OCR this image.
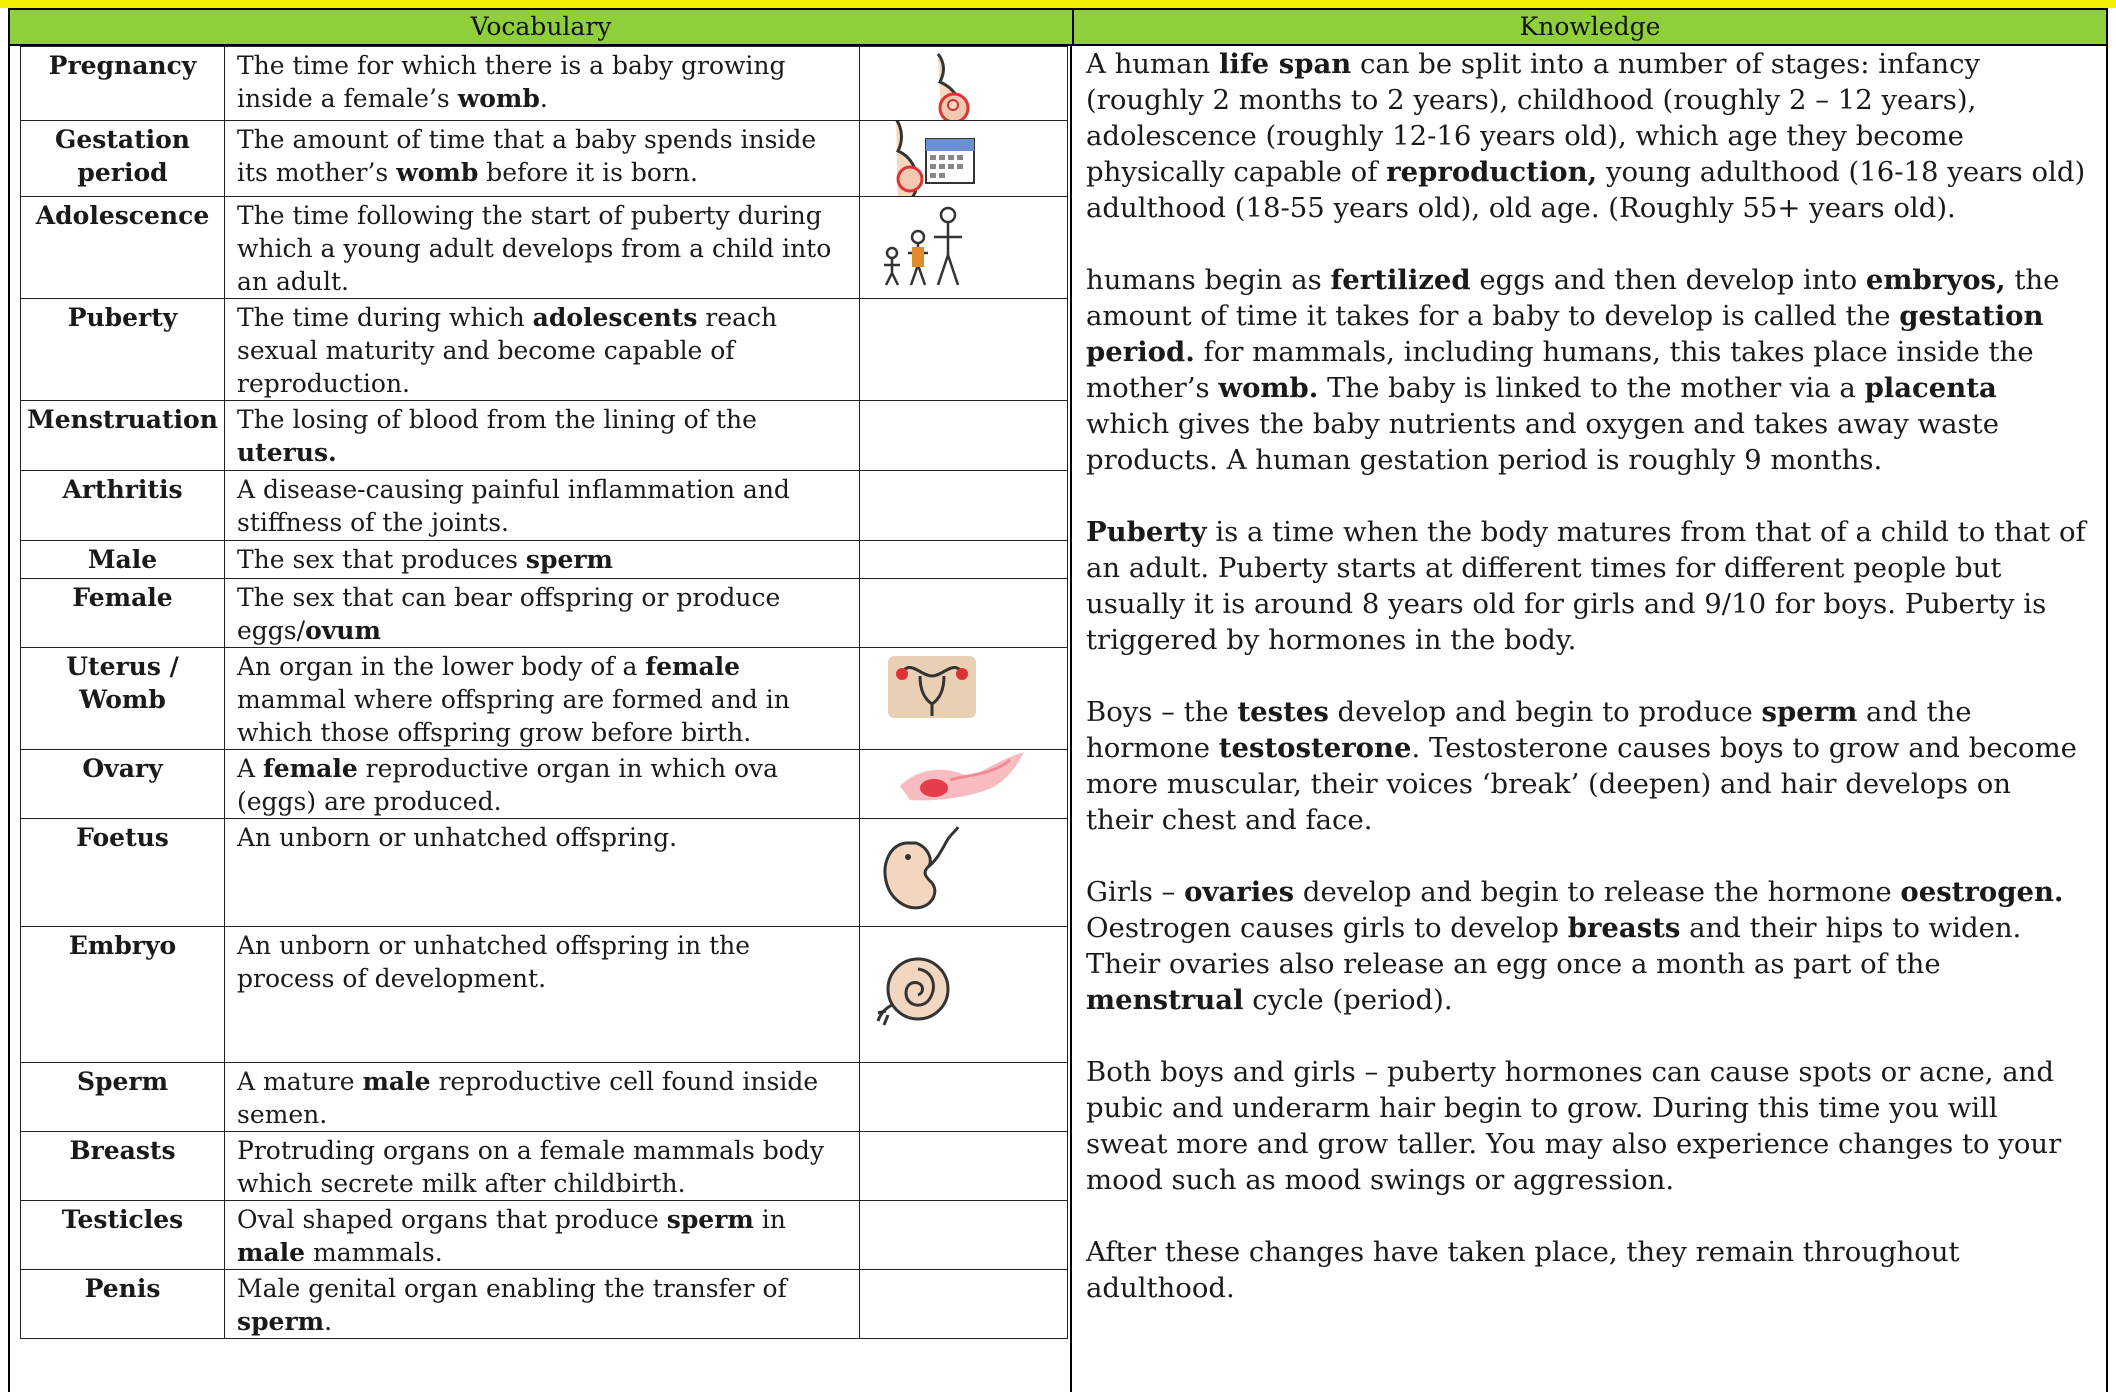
Vocabulary	Knowledge
Pregnancy	The time for which there is a baby growing inside a female’s womb.	

Gestation period	The amount of time that a baby spends inside its mother’s womb before it is born.	

Adolescence	The time following the start of puberty during which a young adult develops from a child into an adult.	

Puberty	The time during which adolescents reach sexual maturity and become capable of reproduction.	
Menstruation	The losing of blood from the lining of the uterus.	
Arthritis	A disease-causing painful inflammation and stiffness of the joints.	
Male	The sex that produces sperm	
Female	The sex that can bear offspring or produce eggs/ovum	
Uterus / Womb	An organ in the lower body of a female mammal where offspring are formed and in which those offspring grow before birth.	

Ovary	A female reproductive organ in which ova (eggs) are produced.	

Foetus	An unborn or unhatched offspring.	

Embryo	An unborn or unhatched offspring in the process of development.	

Sperm	A mature male reproductive cell found inside semen.	
Breasts	Protruding organs on a female mammals body which secrete milk after childbirth.	
Testicles	Oval shaped organs that produce sperm in male mammals.	
Penis	Male genital organ enabling the transfer of sperm.	

A human life span can be split into a number of stages: infancy (roughly 2 months to 2 years), childhood (roughly 2 – 12 years), adolescence (roughly 12-16 years old), which age they become physically capable of reproduction, young adulthood (16-18 years old) adulthood (18-55 years old), old age. (Roughly 55+ years old).

humans begin as fertilized eggs and then develop into embryos, the amount of time it takes for a baby to develop is called the gestation period. for mammals, including humans, this takes place inside the mother’s womb. The baby is linked to the mother via a placenta which gives the baby nutrients and oxygen and takes away waste products. A human gestation period is roughly 9 months.

Puberty is a time when the body matures from that of a child to that of an adult. Puberty starts at different times for different people but usually it is around 8 years old for girls and 9/10 for boys. Puberty is triggered by hormones in the body.

Boys – the testes develop and begin to produce sperm and the hormone testosterone. Testosterone causes boys to grow and become more muscular, their voices ‘break’ (deepen) and hair develops on their chest and face.

Girls – ovaries develop and begin to release the hormone oestrogen. Oestrogen causes girls to develop breasts and their hips to widen. Their ovaries also release an egg once a month as part of the menstrual cycle (period).

Both boys and girls – puberty hormones can cause spots or acne, and pubic and underarm hair begin to grow. During this time you will sweat more and grow taller. You may also experience changes to your mood such as mood swings or aggression.

After these changes have taken place, they remain throughout adulthood.
